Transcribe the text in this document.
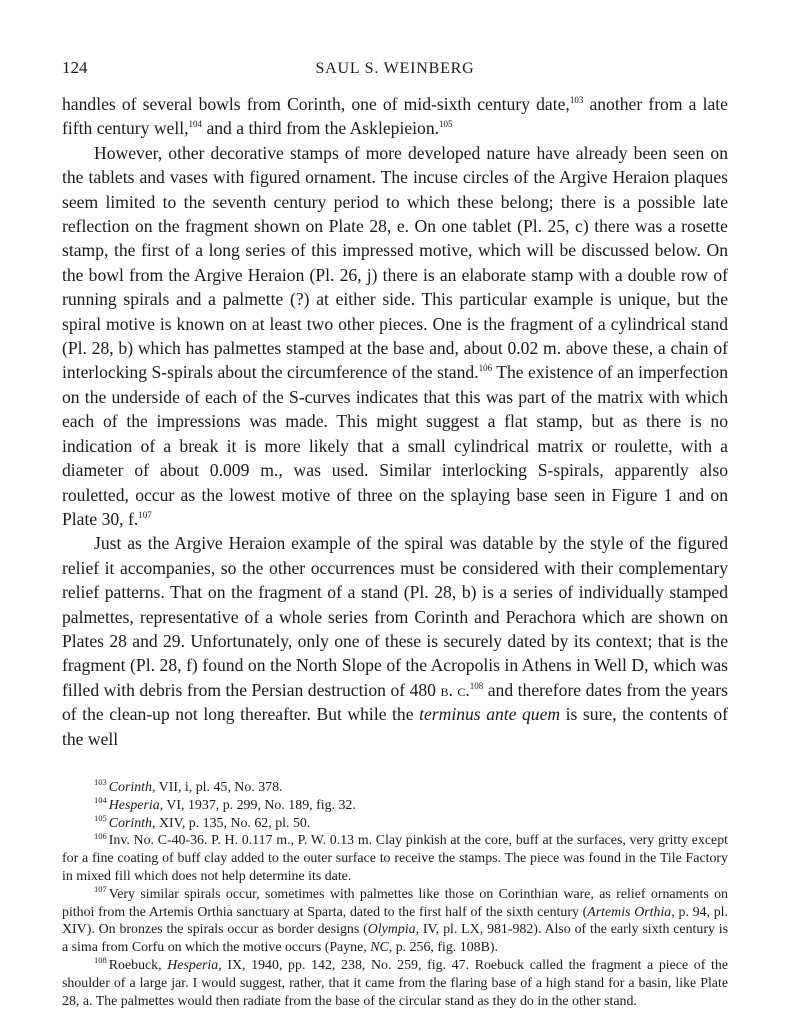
124	SAUL S. WEINBERG

handles of several bowls from Corinth, one of mid-sixth century date,$^{103}$ another from a late fifth century well,$^{104}$ and a third from the Asklepieion.$^{105}$

However, other decorative stamps of more developed nature have already been seen on the tablets and vases with figured ornament. The incuse circles of the Argive Heraion plaques seem limited to the seventh century period to which these belong; there is a possible late reflection on the fragment shown on Plate 28, e. On one tablet (Pl. 25, c) there was a rosette stamp, the first of a long series of this impressed motive, which will be discussed below. On the bowl from the Argive Heraion (Pl. 26, j) there is an elaborate stamp with a double row of running spirals and a palmette (?) at either side. This particular example is unique, but the spiral motive is known on at least two other pieces. One is the fragment of a cylindrical stand (Pl. 28, b) which has palmettes stamped at the base and, about 0.02 m. above these, a chain of interlocking S-spirals about the circumference of the stand.$^{106}$ The existence of an imperfection on the underside of each of the S-curves indicates that this was part of the matrix with which each of the impressions was made. This might suggest a flat stamp, but as there is no indication of a break it is more likely that a small cylindrical matrix or roulette, with a diameter of about 0.009 m., was used. Similar interlocking S-spirals, apparently also rouletted, occur as the lowest motive of three on the splaying base seen in Figure 1 and on Plate 30, f.$^{107}$

Just as the Argive Heraion example of the spiral was datable by the style of the figured relief it accompanies, so the other occurrences must be considered with their complementary relief patterns. That on the fragment of a stand (Pl. 28, b) is a series of individually stamped palmettes, representative of a whole series from Corinth and Perachora which are shown on Plates 28 and 29. Unfortunately, only one of these is securely dated by its context; that is the fragment (Pl. 28, f) found on the North Slope of the Acropolis in Athens in Well D, which was filled with debris from the Persian destruction of 480 b. c.$^{108}$ and therefore dates from the years of the clean-up not long thereafter. But while the terminus ante quem is sure, the contents of the well

$^{103}$ Corinth, VII, i, pl. 45, No. 378.

$^{104}$ Hesperia, VI, 1937, p. 299, No. 189, fig. 32.

$^{105}$ Corinth, XIV, p. 135, No. 62, pl. 50.

$^{106}$ Inv. No. C-40-36. P. H. 0.117 m., P. W. 0.13 m. Clay pinkish at the core, buff at the surfaces, very gritty except for a fine coating of buff clay added to the outer surface to receive the stamps. The piece was found in the Tile Factory in mixed fill which does not help determine its date.

$^{107}$ Very similar spirals occur, sometimes with palmettes like those on Corinthian ware, as relief ornaments on pithoi from the Artemis Orthia sanctuary at Sparta, dated to the first half of the sixth century (Artemis Orthia, p. 94, pl. XIV). On bronzes the spirals occur as border designs (Olympia, IV, pl. LX, 981-982). Also of the early sixth century is a sima from Corfu on which the motive occurs (Payne, NC, p. 256, fig. 108B).

$^{108}$ Roebuck, Hesperia, IX, 1940, pp. 142, 238, No. 259, fig. 47. Roebuck called the fragment a piece of the shoulder of a large jar. I would suggest, rather, that it came from the flaring base of a high stand for a basin, like Plate 28, a. The palmettes would then radiate from the base of the circular stand as they do in the other stand.
